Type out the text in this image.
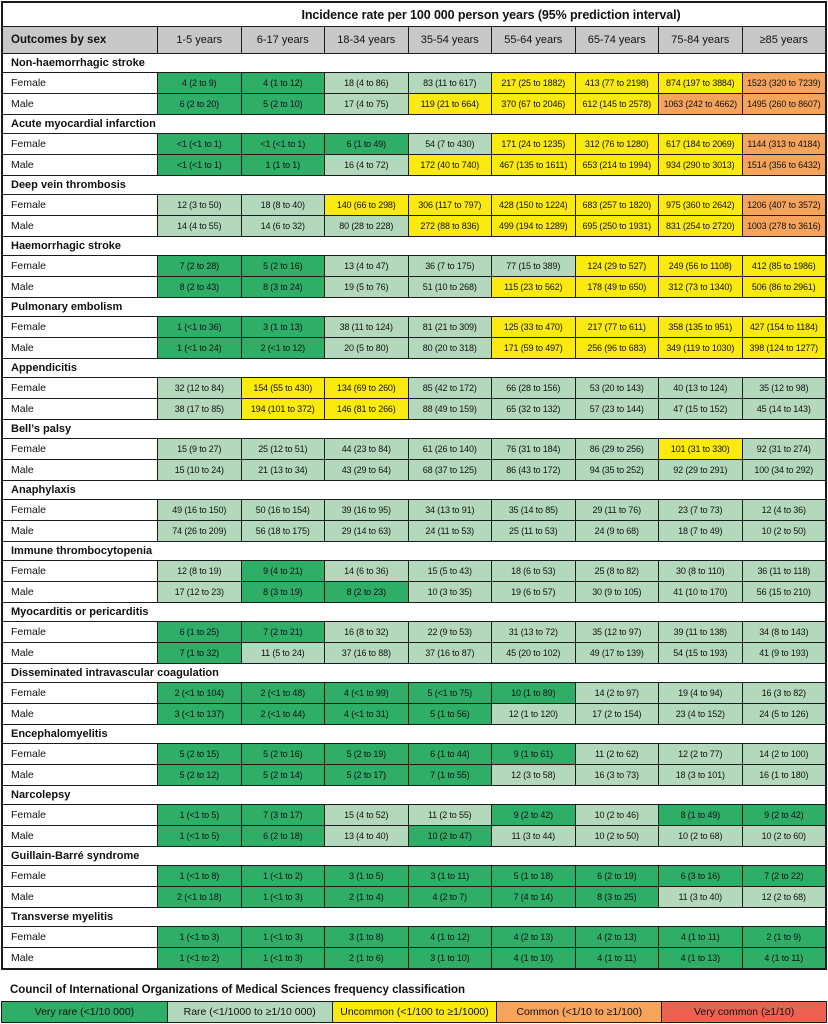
Incidence rate per 100 000 person years (95% prediction interval)
Outcomes by sex	1-5 years	6-17 years	18-34 years	35-54 years	55-64 years	65-74 years	75-84 years	≥85 years
Non-haemorrhagic stroke
Female	4 (2 to 9)	4 (1 to 12)	18 (4 to 86)	83 (11 to 617)	217 (25 to 1882)	413 (77 to 2198)	874 (197 to 3884)	1523 (320 to 7239)
Male	6 (2 to 20)	5 (2 to 10)	17 (4 to 75)	119 (21 to 664)	370 (67 to 2046)	612 (145 to 2578)	1063 (242 to 4662)	1495 (260 to 8607)
Acute myocardial infarction
Female	<1 (<1 to 1)	<1 (<1 to 1)	6 (1 to 49)	54 (7 to 430)	171 (24 to 1235)	312 (76 to 1280)	617 (184 to 2069)	1144 (313 to 4184)
Male	<1 (<1 to 1)	1 (1 to 1)	16 (4 to 72)	172 (40 to 740)	467 (135 to 1611)	653 (214 to 1994)	934 (290 to 3013)	1514 (356 to 6432)
Deep vein thrombosis
Female	12 (3 to 50)	18 (8 to 40)	140 (66 to 298)	306 (117 to 797)	428 (150 to 1224)	683 (257 to 1820)	975 (360 to 2642)	1206 (407 to 3572)
Male	14 (4 to 55)	14 (6 to 32)	80 (28 to 228)	272 (88 to 836)	499 (194 to 1289)	695 (250 to 1931)	831 (254 to 2720)	1003 (278 to 3616)
Haemorrhagic stroke
Female	7 (2 to 28)	5 (2 to 16)	13 (4 to 47)	36 (7 to 175)	77 (15 to 389)	124 (29 to 527)	249 (56 to 1108)	412 (85 to 1986)
Male	8 (2 to 43)	8 (3 to 24)	19 (5 to 76)	51 (10 to 268)	115 (23 to 562)	178 (49 to 650)	312 (73 to 1340)	506 (86 to 2961)
Pulmonary embolism
Female	1 (<1 to 36)	3 (1 to 13)	38 (11 to 124)	81 (21 to 309)	125 (33 to 470)	217 (77 to 611)	358 (135 to 951)	427 (154 to 1184)
Male	1 (<1 to 24)	2 (<1 to 12)	20 (5 to 80)	80 (20 to 318)	171 (59 to 497)	256 (96 to 683)	349 (119 to 1030)	398 (124 to 1277)
Appendicitis
Female	32 (12 to 84)	154 (55 to 430)	134 (69 to 260)	85 (42 to 172)	66 (28 to 156)	53 (20 to 143)	40 (13 to 124)	35 (12 to 98)
Male	38 (17 to 85)	194 (101 to 372)	146 (81 to 266)	88 (49 to 159)	65 (32 to 132)	57 (23 to 144)	47 (15 to 152)	45 (14 to 143)
Bell’s palsy
Female	15 (9 to 27)	25 (12 to 51)	44 (23 to 84)	61 (26 to 140)	76 (31 to 184)	86 (29 to 256)	101 (31 to 330)	92 (31 to 274)
Male	15 (10 to 24)	21 (13 to 34)	43 (29 to 64)	68 (37 to 125)	86 (43 to 172)	94 (35 to 252)	92 (29 to 291)	100 (34 to 292)
Anaphylaxis
Female	49 (16 to 150)	50 (16 to 154)	39 (16 to 95)	34 (13 to 91)	35 (14 to 85)	29 (11 to 76)	23 (7 to 73)	12 (4 to 36)
Male	74 (26 to 209)	56 (18 to 175)	29 (14 to 63)	24 (11 to 53)	25 (11 to 53)	24 (9 to 68)	18 (7 to 49)	10 (2 to 50)
Immune thrombocytopenia
Female	12 (8 to 19)	9 (4 to 21)	14 (6 to 36)	15 (5 to 43)	18 (6 to 53)	25 (8 to 82)	30 (8 to 110)	36 (11 to 118)
Male	17 (12 to 23)	8 (3 to 19)	8 (2 to 23)	10 (3 to 35)	19 (6 to 57)	30 (9 to 105)	41 (10 to 170)	56 (15 to 210)
Myocarditis or pericarditis
Female	6 (1 to 25)	7 (2 to 21)	16 (8 to 32)	22 (9 to 53)	31 (13 to 72)	35 (12 to 97)	39 (11 to 138)	34 (8 to 143)
Male	7 (1 to 32)	11 (5 to 24)	37 (16 to 88)	37 (16 to 87)	45 (20 to 102)	49 (17 to 139)	54 (15 to 193)	41 (9 to 193)
Disseminated intravascular coagulation
Female	2 (<1 to 104)	2 (<1 to 48)	4 (<1 to 99)	5 (<1 to 75)	10 (1 to 89)	14 (2 to 97)	19 (4 to 94)	16 (3 to 82)
Male	3 (<1 to 137)	2 (<1 to 44)	4 (<1 to 31)	5 (1 to 56)	12 (1 to 120)	17 (2 to 154)	23 (4 to 152)	24 (5 to 126)
Encephalomyelitis
Female	5 (2 to 15)	5 (2 to 16)	5 (2 to 19)	6 (1 to 44)	9 (1 to 61)	11 (2 to 62)	12 (2 to 77)	14 (2 to 100)
Male	5 (2 to 12)	5 (2 to 14)	5 (2 to 17)	7 (1 to 55)	12 (3 to 58)	16 (3 to 73)	18 (3 to 101)	16 (1 to 180)
Narcolepsy
Female	1 (<1 to 5)	7 (3 to 17)	15 (4 to 52)	11 (2 to 55)	9 (2 to 42)	10 (2 to 46)	8 (1 to 49)	9 (2 to 42)
Male	1 (<1 to 5)	6 (2 to 18)	13 (4 to 40)	10 (2 to 47)	11 (3 to 44)	10 (2 to 50)	10 (2 to 68)	10 (2 to 60)
Guillain-Barré syndrome
Female	1 (<1 to 8)	1 (<1 to 2)	3 (1 to 5)	3 (1 to 11)	5 (1 to 18)	6 (2 to 19)	6 (3 to 16)	7 (2 to 22)
Male	2 (<1 to 18)	1 (<1 to 3)	2 (1 to 4)	4 (2 to 7)	7 (4 to 14)	8 (3 to 25)	11 (3 to 40)	12 (2 to 68)
Transverse myelitis
Female	1 (<1 to 3)	1 (<1 to 3)	3 (1 to 8)	4 (1 to 12)	4 (2 to 13)	4 (2 to 13)	4 (1 to 11)	2 (1 to 9)
Male	1 (<1 to 2)	1 (<1 to 3)	2 (1 to 6)	3 (1 to 10)	4 (1 to 10)	4 (1 to 11)	4 (1 to 13)	4 (1 to 11)
Council of International Organizations of Medical Sciences frequency classification
Very rare (<1/10 000)	Rare (<1/1000 to ≥1/10 000)	Uncommon (<1/100 to ≥1/1000)	Common (<1/10 to ≥1/100)	Very common (≥1/10)
